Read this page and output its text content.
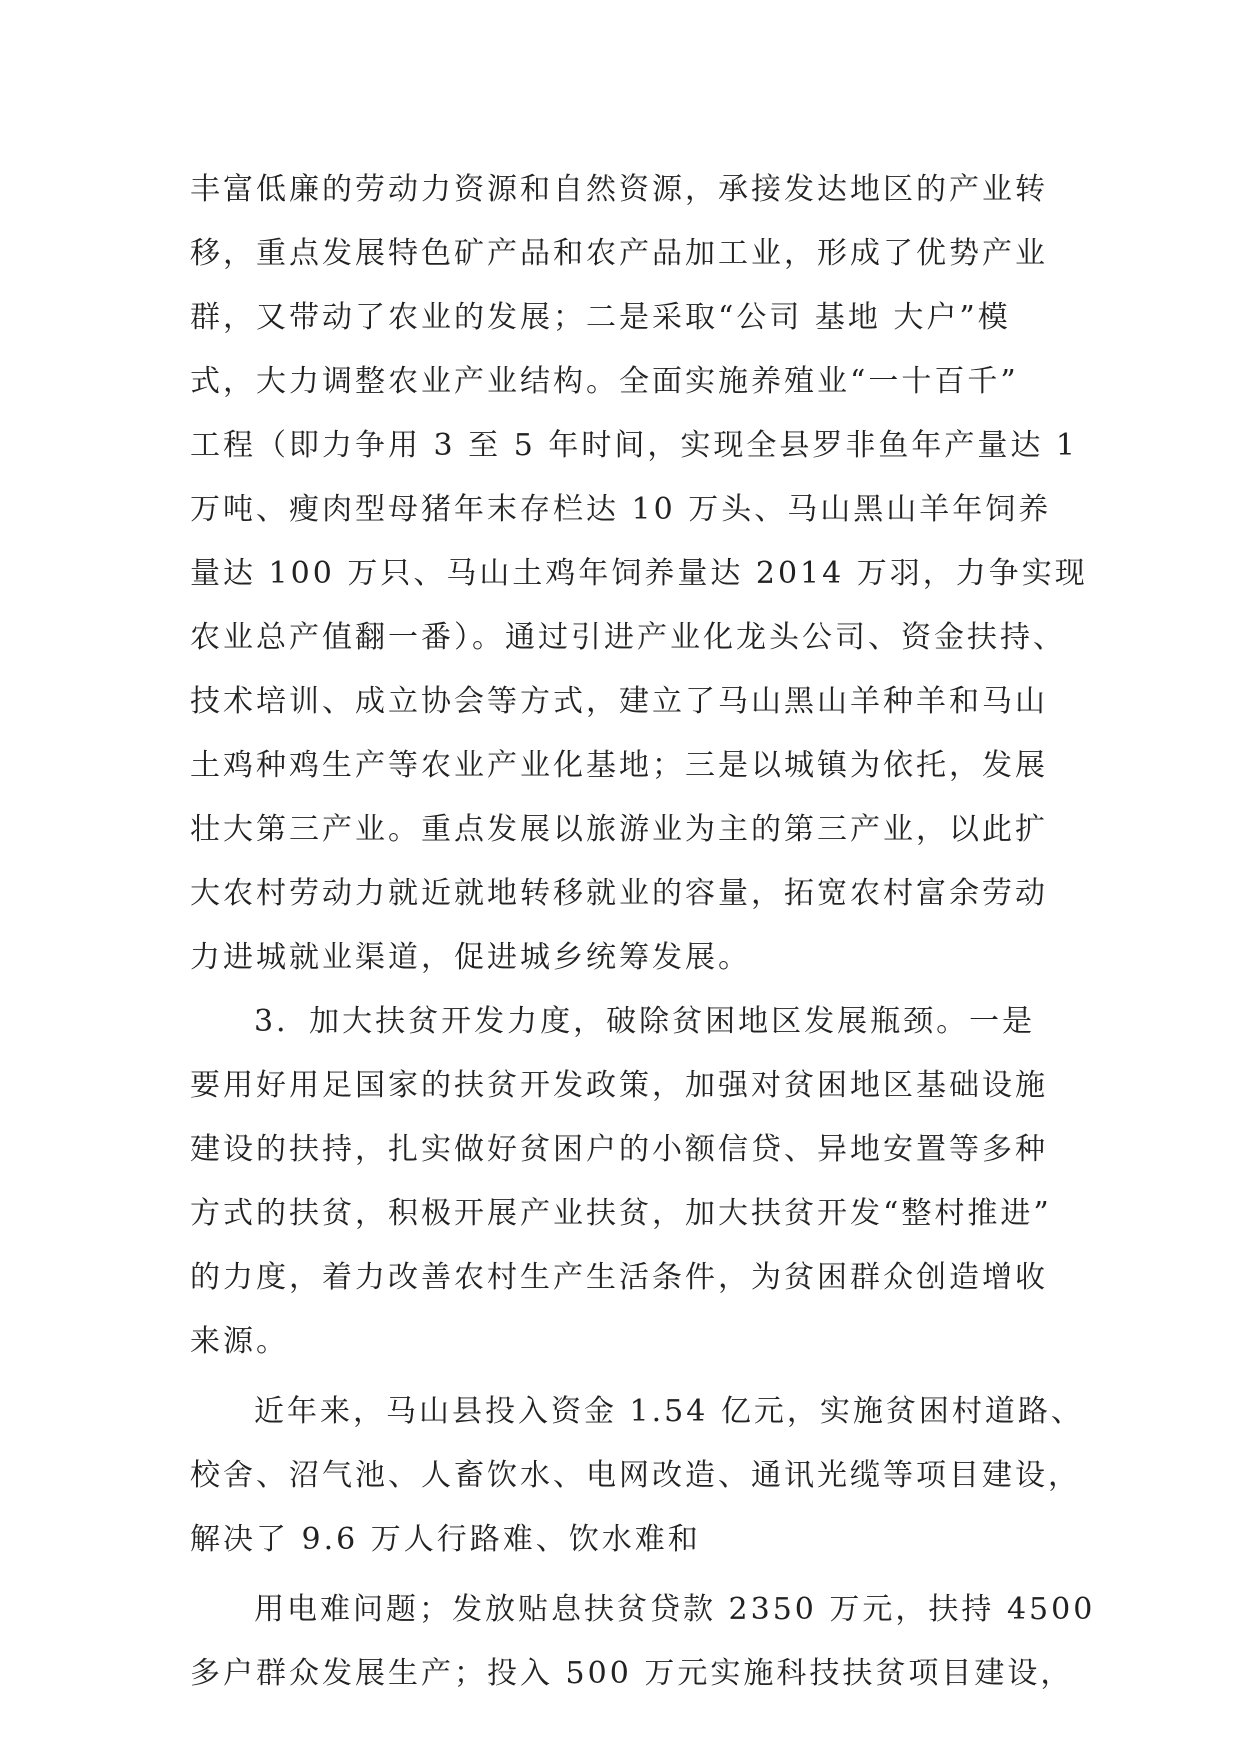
丰富低廉的劳动力资源和自然资源，承接发达地区的产业转

移，重点发展特色矿产品和农产品加工业，形成了优势产业

群，又带动了农业的发展；二是采取“公司 基地 大户”模

式，大力调整农业产业结构。全面实施养殖业“一十百千”

工程（即力争用 3 至 5 年时间，实现全县罗非鱼年产量达 1

万吨、瘦肉型母猪年末存栏达 10 万头、马山黑山羊年饲养

量达 100 万只、马山土鸡年饲养量达 2014 万羽，力争实现

农业总产值翻一番）。通过引进产业化龙头公司、资金扶持、

技术培训、成立协会等方式，建立了马山黑山羊种羊和马山

土鸡种鸡生产等农业产业化基地；三是以城镇为依托，发展

壮大第三产业。重点发展以旅游业为主的第三产业，以此扩

大农村劳动力就近就地转移就业的容量，拓宽农村富余劳动

力进城就业渠道，促进城乡统筹发展。

3．加大扶贫开发力度，破除贫困地区发展瓶颈。一是

要用好用足国家的扶贫开发政策，加强对贫困地区基础设施

建设的扶持，扎实做好贫困户的小额信贷、异地安置等多种

方式的扶贫，积极开展产业扶贫，加大扶贫开发“整村推进”

的力度，着力改善农村生产生活条件，为贫困群众创造增收

来源。

近年来，马山县投入资金 1.54 亿元，实施贫困村道路、

校舍、沼气池、人畜饮水、电网改造、通讯光缆等项目建设，

解决了 9.6 万人行路难、饮水难和

用电难问题；发放贴息扶贫贷款 2350 万元，扶持 4500

多户群众发展生产；投入 500 万元实施科技扶贫项目建设，
